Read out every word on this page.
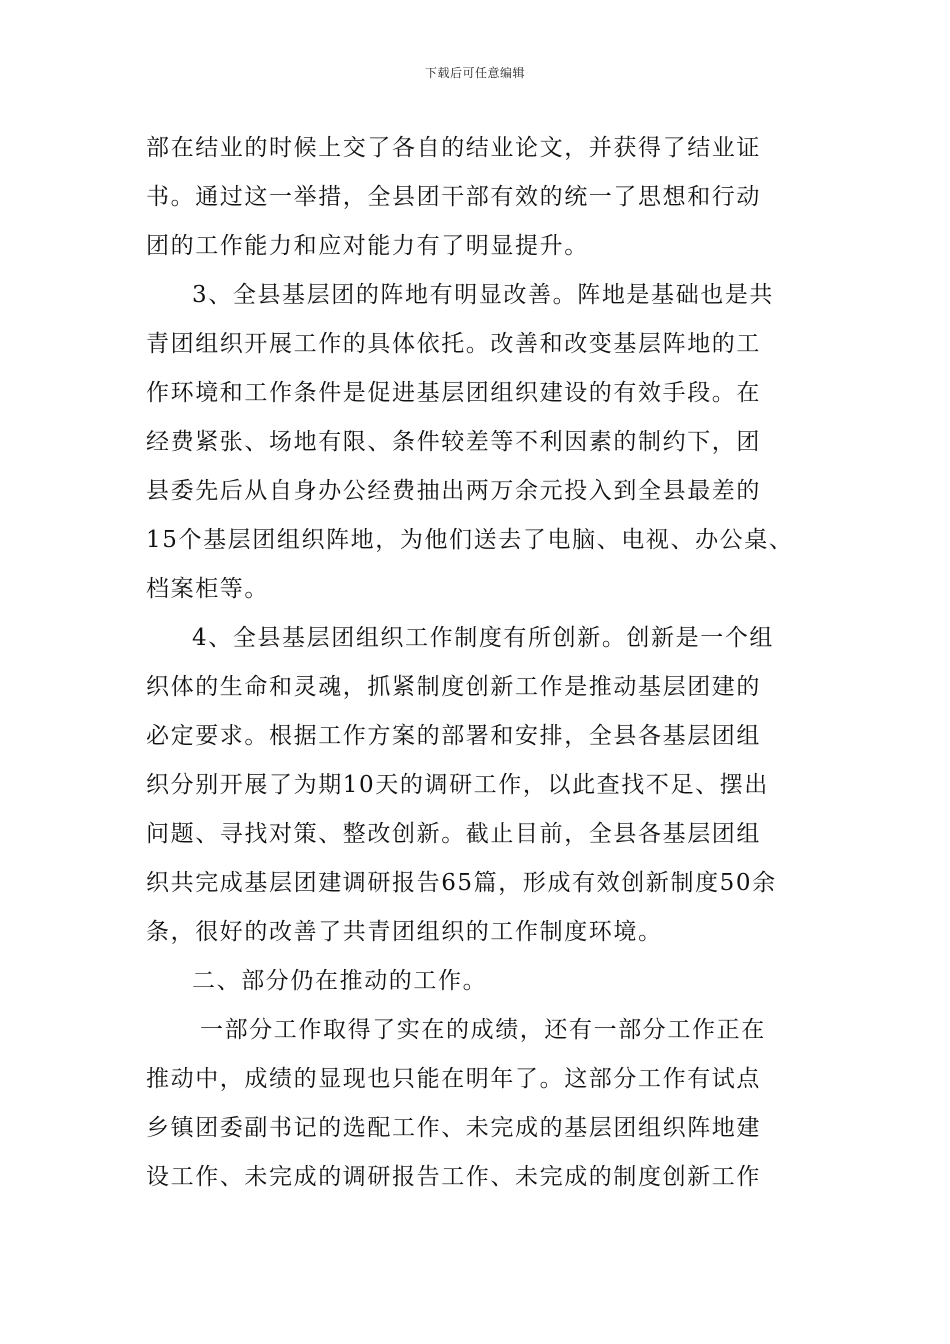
下载后可任意编辑
部在结业的时候上交了各自的结业论文，并获得了结业证
书。通过这一举措，全县团干部有效的统一了思想和行动
团的工作能力和应对能力有了明显提升。
3、全县基层团的阵地有明显改善。阵地是基础也是共
青团组织开展工作的具体依托。改善和改变基层阵地的工
作环境和工作条件是促进基层团组织建设的有效手段。在
经费紧张、场地有限、条件较差等不利因素的制约下，团
县委先后从自身办公经费抽出两万余元投入到全县最差的
15个基层团组织阵地，为他们送去了电脑、电视、办公桌、
档案柜等。
4、全县基层团组织工作制度有所创新。创新是一个组
织体的生命和灵魂，抓紧制度创新工作是推动基层团建的
必定要求。根据工作方案的部署和安排，全县各基层团组
织分别开展了为期10天的调研工作，以此查找不足、摆出
问题、寻找对策、整改创新。截止目前，全县各基层团组
织共完成基层团建调研报告65篇，形成有效创新制度50余
条，很好的改善了共青团组织的工作制度环境。
二、部分仍在推动的工作。
一部分工作取得了实在的成绩，还有一部分工作正在
推动中，成绩的显现也只能在明年了。这部分工作有试点
乡镇团委副书记的选配工作、未完成的基层团组织阵地建
设工作、未完成的调研报告工作、未完成的制度创新工作
